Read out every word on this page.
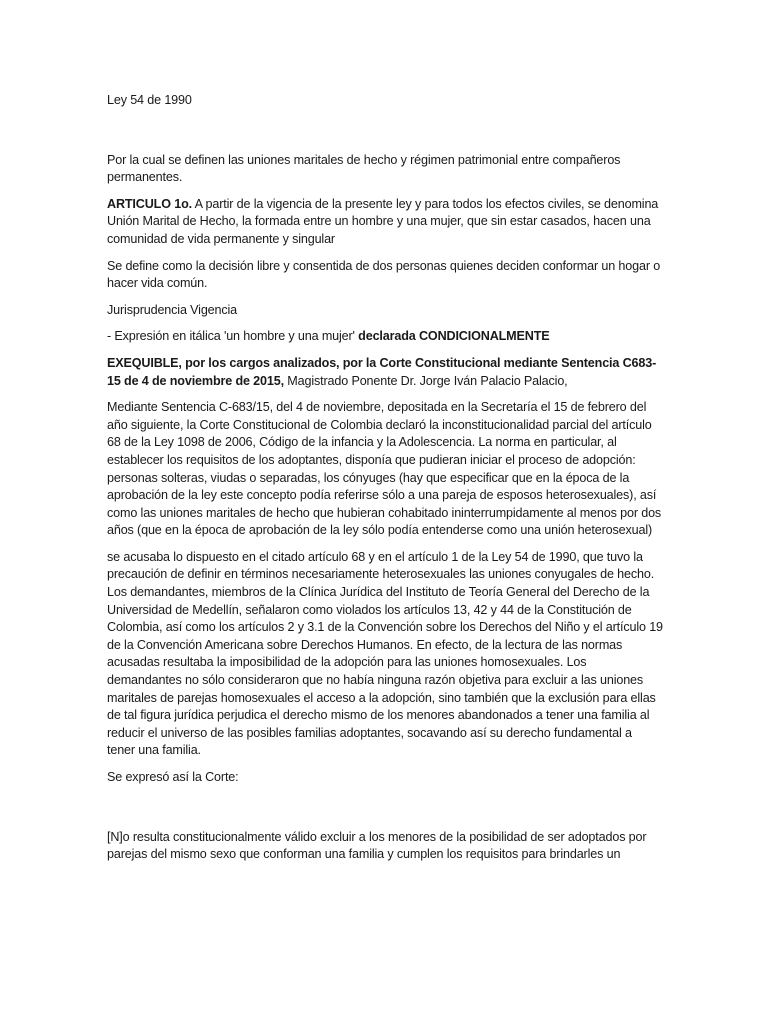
Ley 54 de 1990

Por la cual se definen las uniones maritales de hecho y régimen patrimonial entre compañeros permanentes.

ARTICULO 1o. A partir de la vigencia de la presente ley y para todos los efectos civiles, se denomina Unión Marital de Hecho, la formada entre un hombre y una mujer, que sin estar casados, hacen una comunidad de vida permanente y singular

Se define como la decisión libre y consentida de dos personas quienes deciden conformar un hogar o hacer vida común.

Jurisprudencia Vigencia

- Expresión en itálica 'un hombre y una mujer' declarada CONDICIONALMENTE

EXEQUIBLE, por los cargos analizados, por la Corte Constitucional mediante Sentencia C683-15 de 4 de noviembre de 2015, Magistrado Ponente Dr. Jorge Iván Palacio Palacio,

Mediante Sentencia C-683/15, del 4 de noviembre, depositada en la Secretaría el 15 de febrero del año siguiente, la Corte Constitucional de Colombia declaró la inconstitucionalidad parcial del artículo 68 de la Ley 1098 de 2006, Código de la infancia y la Adolescencia. La norma en particular, al establecer los requisitos de los adoptantes, disponía que pudieran iniciar el proceso de adopción: personas solteras, viudas o separadas, los cónyuges (hay que especificar que en la época de la aprobación de la ley este concepto podía referirse sólo a una pareja de esposos heterosexuales), así como las uniones maritales de hecho que hubieran cohabitado ininterrumpidamente al menos por dos años (que en la época de aprobación de la ley sólo podía entenderse como una unión heterosexual)

se acusaba lo dispuesto en el citado artículo 68 y en el artículo 1 de la Ley 54 de 1990, que tuvo la precaución de definir en términos necesariamente heterosexuales las uniones conyugales de hecho. Los demandantes, miembros de la Clínica Jurídica del Instituto de Teoría General del Derecho de la Universidad de Medellín, señalaron como violados los artículos 13, 42 y 44 de la Constitución de Colombia, así como los artículos 2 y 3.1 de la Convención sobre los Derechos del Niño y el artículo 19 de la Convención Americana sobre Derechos Humanos. En efecto, de la lectura de las normas acusadas resultaba la imposibilidad de la adopción para las uniones homosexuales. Los demandantes no sólo consideraron que no había ninguna razón objetiva para excluir a las uniones maritales de parejas homosexuales el acceso a la adopción, sino también que la exclusión para ellas de tal figura jurídica perjudica el derecho mismo de los menores abandonados a tener una familia al reducir el universo de las posibles familias adoptantes, socavando así su derecho fundamental a tener una familia.

Se expresó así la Corte:

[N]o resulta constitucionalmente válido excluir a los menores de la posibilidad de ser adoptados por parejas del mismo sexo que conforman una familia y cumplen los requisitos para brindarles un
